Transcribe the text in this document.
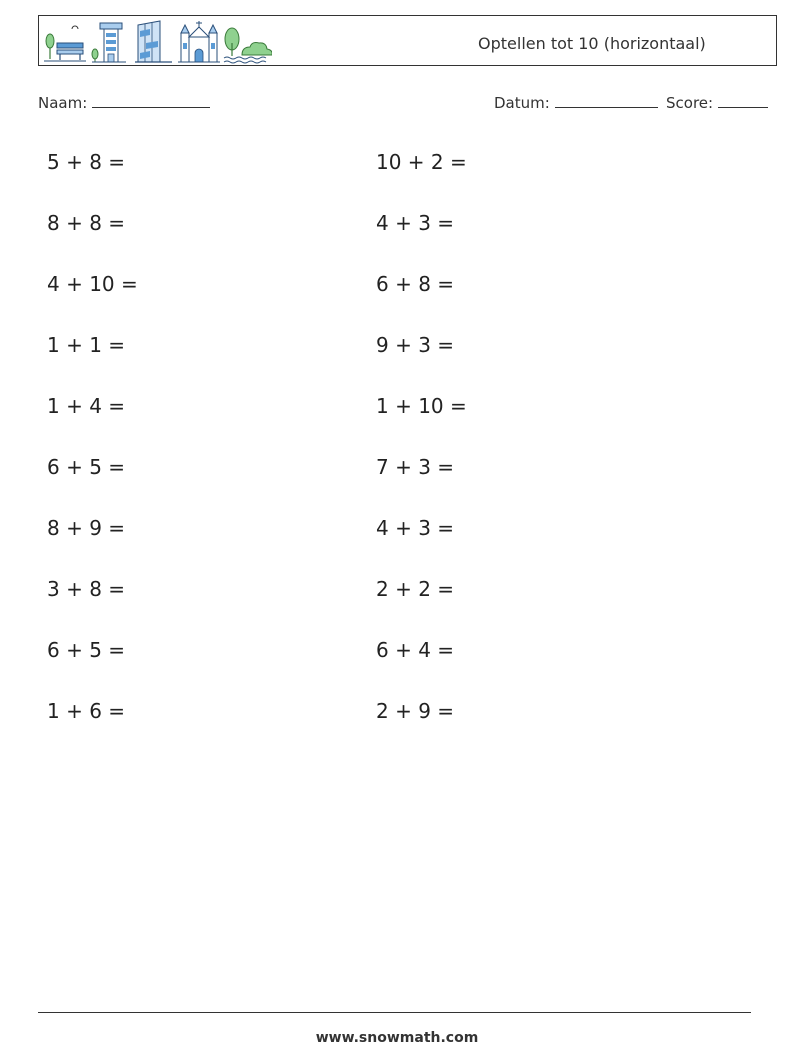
Optellen tot 10 (horizontaal)
Naam:	Datum:	Score:
5 + 8 =
8 + 8 =
4 + 10 =
1 + 1 =
1 + 4 =
6 + 5 =
8 + 9 =
3 + 8 =
6 + 5 =
1 + 6 =
10 + 2 =
4 + 3 =
6 + 8 =
9 + 3 =
1 + 10 =
7 + 3 =
4 + 3 =
2 + 2 =
6 + 4 =
2 + 9 =
www.snowmath.com
